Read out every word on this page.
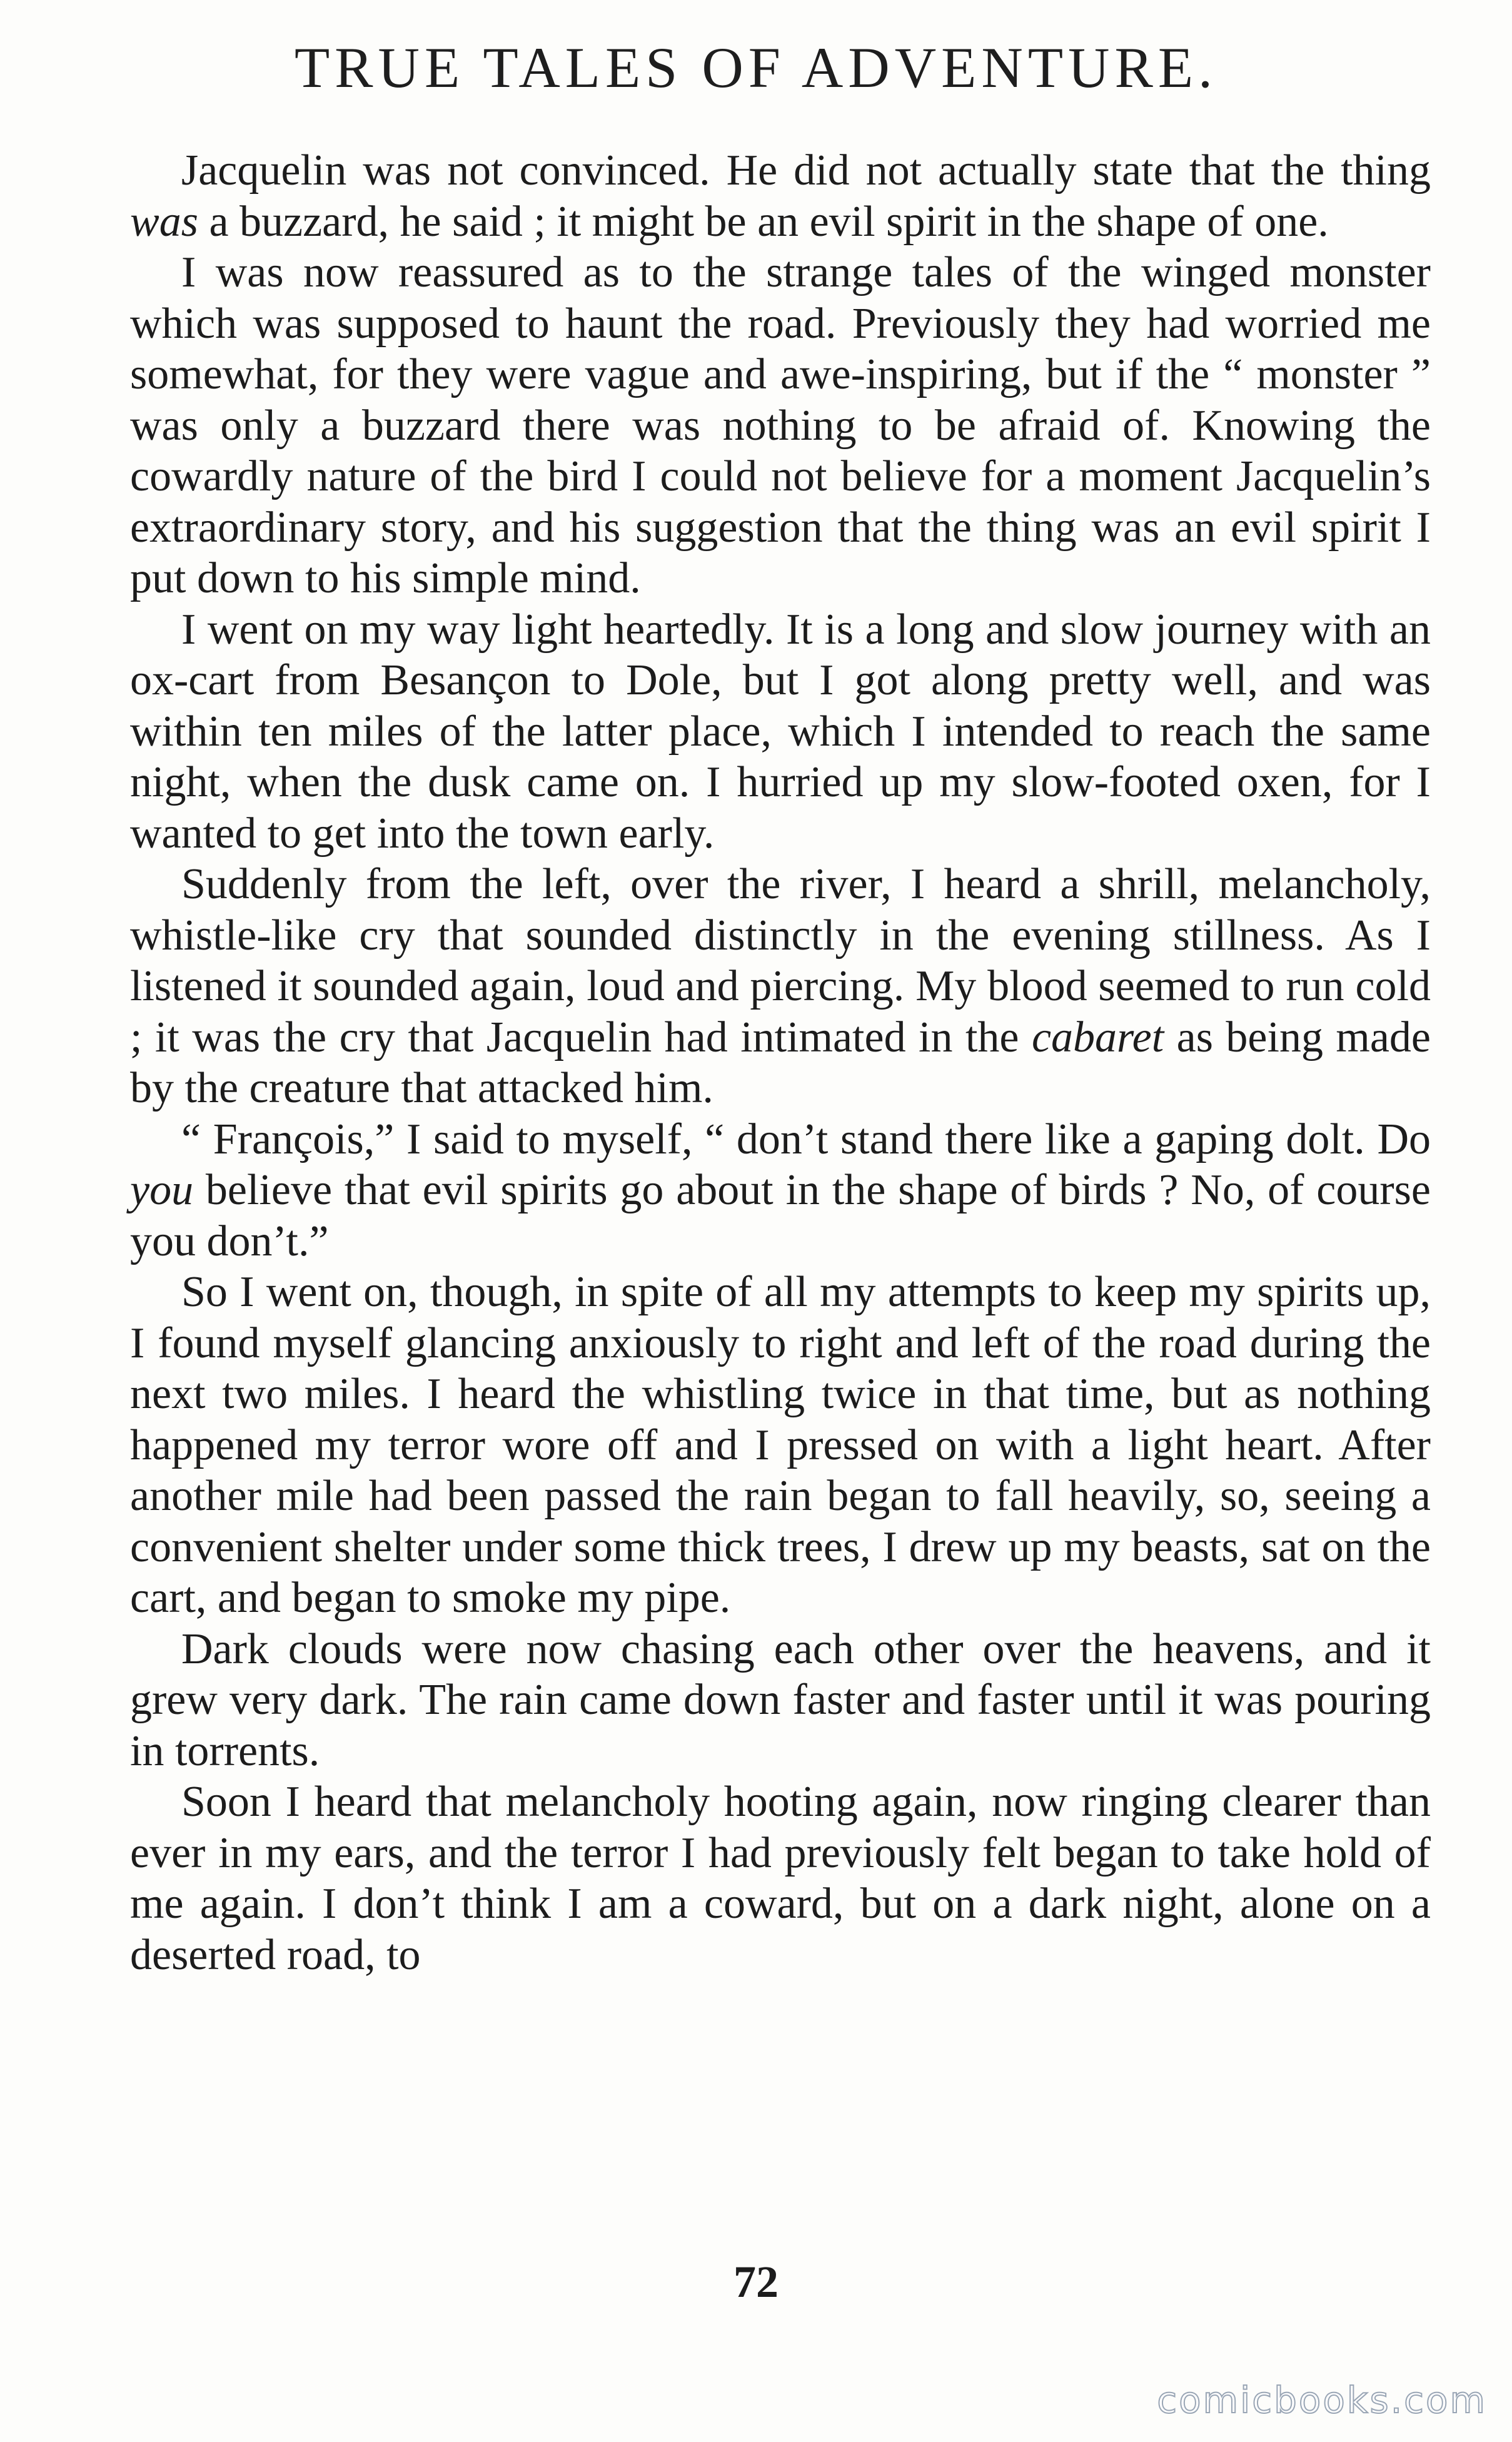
TRUE TALES OF ADVENTURE.

Jacquelin was not convinced. He did not actually state that the thing was a buzzard, he said ; it might be an evil spirit in the shape of one.

I was now reassured as to the strange tales of the winged monster which was supposed to haunt the road. Previously they had worried me somewhat, for they were vague and awe-inspiring, but if the “ monster ” was only a buzzard there was nothing to be afraid of. Knowing the cowardly nature of the bird I could not believe for a moment Jacquelin’s extraordinary story, and his suggestion that the thing was an evil spirit I put down to his simple mind.

I went on my way light heartedly. It is a long and slow journey with an ox-cart from Besançon to Dole, but I got along pretty well, and was within ten miles of the latter place, which I intended to reach the same night, when the dusk came on. I hurried up my slow-footed oxen, for I wanted to get into the town early.

Suddenly from the left, over the river, I heard a shrill, melancholy, whistle-like cry that sounded distinctly in the evening stillness. As I listened it sounded again, loud and piercing. My blood seemed to run cold ; it was the cry that Jacquelin had intimated in the cabaret as being made by the creature that attacked him.

“ François,” I said to myself, “ don’t stand there like a gaping dolt. Do you believe that evil spirits go about in the shape of birds ? No, of course you don’t.”

So I went on, though, in spite of all my attempts to keep my spirits up, I found myself glancing anxiously to right and left of the road during the next two miles. I heard the whistling twice in that time, but as nothing happened my terror wore off and I pressed on with a light heart. After another mile had been passed the rain began to fall heavily, so, seeing a convenient shelter under some thick trees, I drew up my beasts, sat on the cart, and began to smoke my pipe.

Dark clouds were now chasing each other over the heavens, and it grew very dark. The rain came down faster and faster until it was pouring in torrents.

Soon I heard that melancholy hooting again, now ringing clearer than ever in my ears, and the terror I had previously felt began to take hold of me again. I don’t think I am a coward, but on a dark night, alone on a deserted road, to

72
comicbooks.com
